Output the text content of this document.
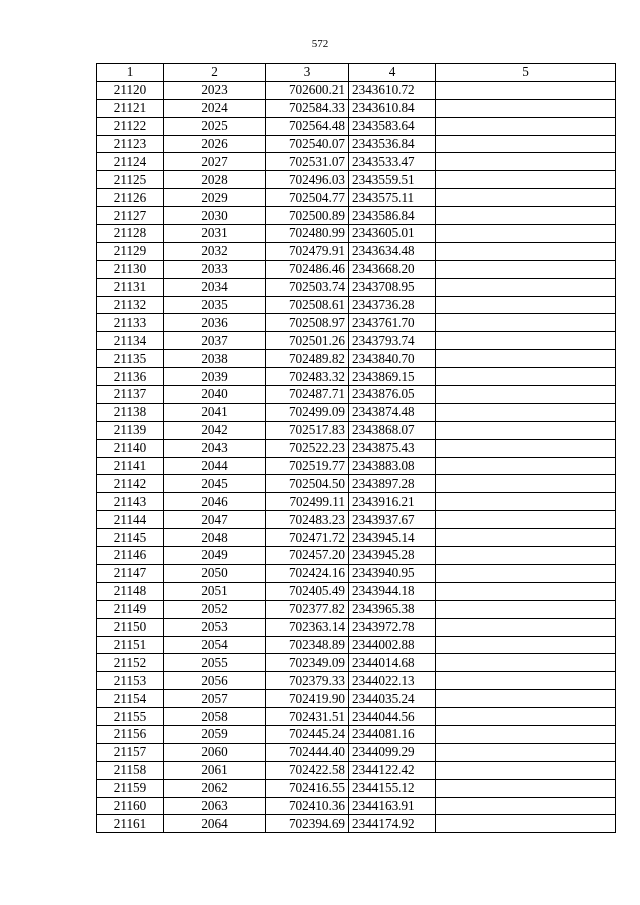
572
1	2	3	4	5
21120	2023	702600.21	2343610.72	
21121	2024	702584.33	2343610.84	
21122	2025	702564.48	2343583.64	
21123	2026	702540.07	2343536.84	
21124	2027	702531.07	2343533.47	
21125	2028	702496.03	2343559.51	
21126	2029	702504.77	2343575.11	
21127	2030	702500.89	2343586.84	
21128	2031	702480.99	2343605.01	
21129	2032	702479.91	2343634.48	
21130	2033	702486.46	2343668.20	
21131	2034	702503.74	2343708.95	
21132	2035	702508.61	2343736.28	
21133	2036	702508.97	2343761.70	
21134	2037	702501.26	2343793.74	
21135	2038	702489.82	2343840.70	
21136	2039	702483.32	2343869.15	
21137	2040	702487.71	2343876.05	
21138	2041	702499.09	2343874.48	
21139	2042	702517.83	2343868.07	
21140	2043	702522.23	2343875.43	
21141	2044	702519.77	2343883.08	
21142	2045	702504.50	2343897.28	
21143	2046	702499.11	2343916.21	
21144	2047	702483.23	2343937.67	
21145	2048	702471.72	2343945.14	
21146	2049	702457.20	2343945.28	
21147	2050	702424.16	2343940.95	
21148	2051	702405.49	2343944.18	
21149	2052	702377.82	2343965.38	
21150	2053	702363.14	2343972.78	
21151	2054	702348.89	2344002.88	
21152	2055	702349.09	2344014.68	
21153	2056	702379.33	2344022.13	
21154	2057	702419.90	2344035.24	
21155	2058	702431.51	2344044.56	
21156	2059	702445.24	2344081.16	
21157	2060	702444.40	2344099.29	
21158	2061	702422.58	2344122.42	
21159	2062	702416.55	2344155.12	
21160	2063	702410.36	2344163.91	
21161	2064	702394.69	2344174.92	
